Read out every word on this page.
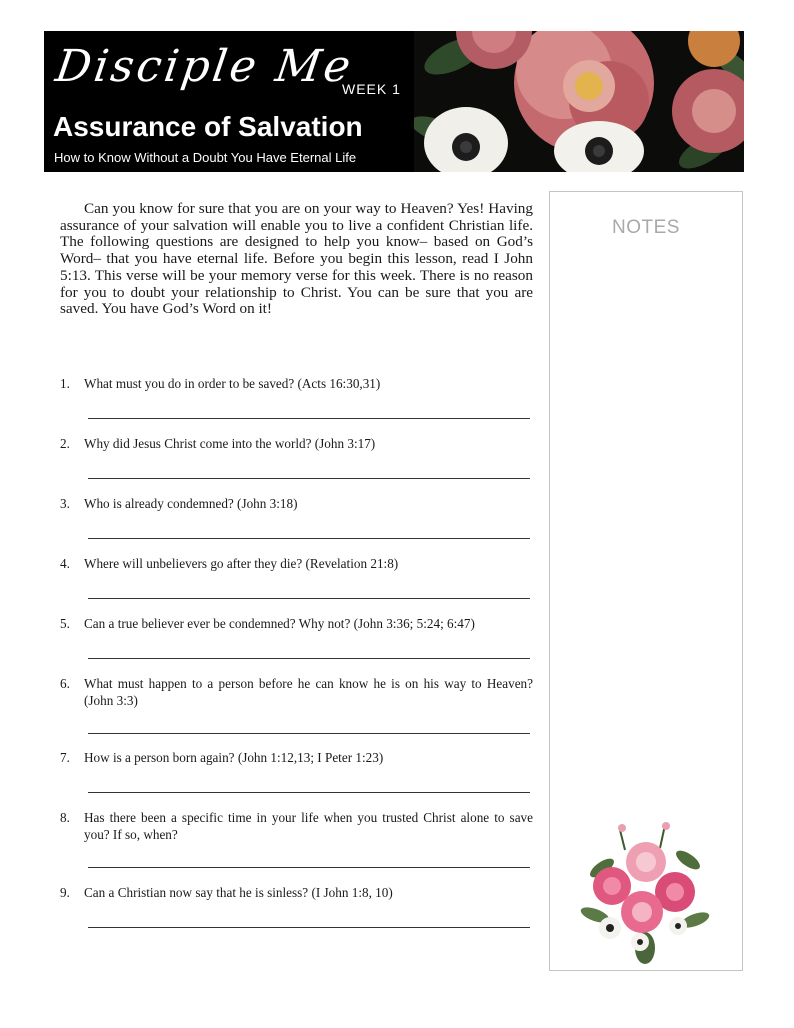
Disciple Me
WEEK 1
Assurance of Salvation
How to Know Without a Doubt You Have Eternal Life

Can you know for sure that you are on your way to Heaven? Yes! Having assurance of your salvation will enable you to live a confident Christian life. The following questions are designed to help you know– based on God’s Word– that you have eternal life. Before you begin this lesson, read I John 5:13. This verse will be your memory verse for this week. There is no reason for you to doubt your relationship to Christ. You can be sure that you are saved. You have God’s Word on it!

1. What must you do in order to be saved? (Acts 16:30,31)
2. Why did Jesus Christ come into the world? (John 3:17)
3. Who is already condemned? (John 3:18)
4. Where will unbelievers go after they die? (Revelation 21:8)
5. Can a true believer ever be condemned? Why not? (John 3:36; 5:24; 6:47)
6. What must happen to a person before he can know he is on his way to Heaven? (John 3:3)
7. How is a person born again? (John 1:12,13; I Peter 1:23)
8. Has there been a specific time in your life when you trusted Christ alone to save you? If so, when?
9. Can a Christian now say that he is sinless? (I John 1:8, 10)
NOTES
